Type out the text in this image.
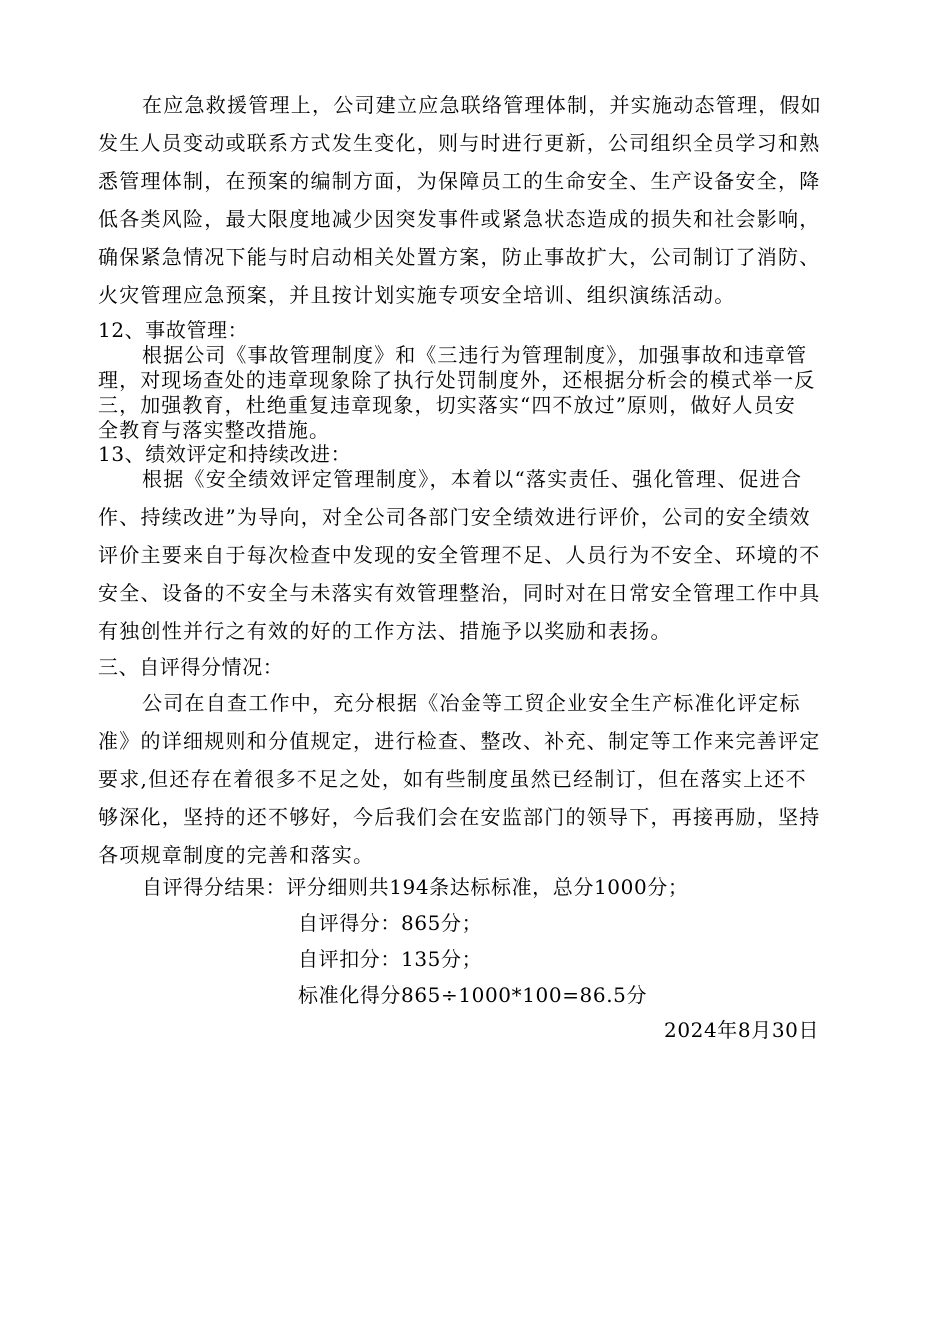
在应急救援管理上，公司建立应急联络管理体制，并实施动态管理，假如
发生人员变动或联系方式发生变化，则与时进行更新，公司组织全员学习和熟
悉管理体制，在预案的编制方面，为保障员工的生命安全、生产设备安全，降
低各类风险，最大限度地减少因突发事件或紧急状态造成的损失和社会影响，
确保紧急情况下能与时启动相关处置方案，防止事故扩大，公司制订了消防、
火灾管理应急预案，并且按计划实施专项安全培训、组织演练活动。
12、事故管理：
根据公司《事故管理制度》和《三违行为管理制度》，加强事故和违章管
理，对现场查处的违章现象除了执行处罚制度外，还根据分析会的模式举一反
三，加强教育，杜绝重复违章现象，切实落实“四不放过”原则，做好人员安
全教育与落实整改措施。
13、绩效评定和持续改进：
根据《安全绩效评定管理制度》，本着以“落实责任、强化管理、促进合
作、持续改进”为导向，对全公司各部门安全绩效进行评价，公司的安全绩效
评价主要来自于每次检查中发现的安全管理不足、人员行为不安全、环境的不
安全、设备的不安全与未落实有效管理整治，同时对在日常安全管理工作中具
有独创性并行之有效的好的工作方法、措施予以奖励和表扬。
三、自评得分情况：
公司在自查工作中，充分根据《冶金等工贸企业安全生产标准化评定标
准》的详细规则和分值规定，进行检查、整改、补充、制定等工作来完善评定
要求,但还存在着很多不足之处，如有些制度虽然已经制订，但在落实上还不
够深化，坚持的还不够好，今后我们会在安监部门的领导下，再接再励，坚持
各项规章制度的完善和落实。
自评得分结果：评分细则共194条达标标准，总分1000分；
自评得分：865分；
自评扣分：135分；
标准化得分865÷1000*100=86.5分
2024年8月30日
